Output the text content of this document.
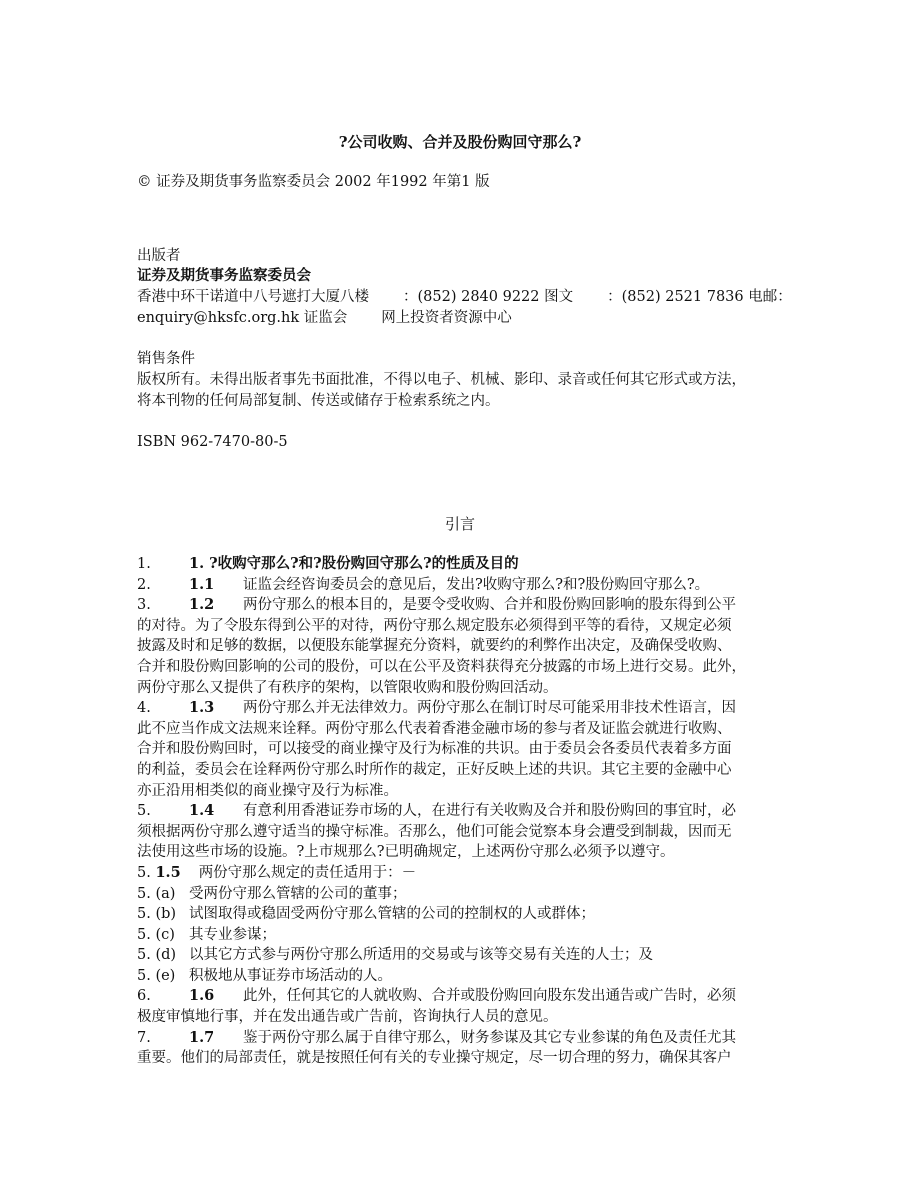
?公司收购、合并及股份购回守那么?
© 证券及期货事务监察委员会 2002 年1992 年第1 版
出版者
证券及期货事务监察委员会
香港中环干诺道中八号遮打大厦八楼 ：(852) 2840 9222 图文 ：(852) 2521 7836 电邮：
enquiry@hksfc.org.hk 证监会 网上投资者资源中心
销售条件
版权所有。未得出版者事先书面批准，不得以电子、机械、影印、录音或任何其它形式或方法，
将本刊物的任何局部复制、传送或储存于检索系统之内。
ISBN 962-7470-80-5
引言
1.	1. ?收购守那么?和?股份购回守那么?的性质及目的
2.	1.1 证监会经咨询委员会的意见后，发出?收购守那么?和?股份购回守那么?。
3.	1.2 两份守那么的根本目的，是要令受收购、合并和股份购回影响的股东得到公平
的对待。为了令股东得到公平的对待，两份守那么规定股东必须得到平等的看待，又规定必须
披露及时和足够的数据，以便股东能掌握充分资料，就要约的利弊作出决定，及确保受收购、
合并和股份购回影响的公司的股份，可以在公平及资料获得充分披露的市场上进行交易。此外，
两份守那么又提供了有秩序的架构，以管限收购和股份购回活动。
4.	1.3 两份守那么并无法律效力。两份守那么在制订时尽可能采用非技术性语言，因
此不应当作成文法规来诠释。两份守那么代表着香港金融市场的参与者及证监会就进行收购、
合并和股份购回时，可以接受的商业操守及行为标准的共识。由于委员会各委员代表着多方面
的利益，委员会在诠释两份守那么时所作的裁定，正好反映上述的共识。其它主要的金融中心
亦正沿用相类似的商业操守及行为标准。
5.	1.4 有意利用香港证券市场的人，在进行有关收购及合并和股份购回的事宜时，必
须根据两份守那么遵守适当的操守标准。否那么，他们可能会觉察本身会遭受到制裁，因而无
法使用这些市场的设施。?上市规那么?已明确规定，上述两份守那么必须予以遵守。
5. 1.5 两份守那么规定的责任适用于：－
5. (a) 受两份守那么管辖的公司的董事；
5. (b) 试图取得或稳固受两份守那么管辖的公司的控制权的人或群体；
5. (c) 其专业参谋；
5. (d) 以其它方式参与两份守那么所适用的交易或与该等交易有关连的人士；及
5. (e) 积极地从事证券市场活动的人。
6.	1.6 此外，任何其它的人就收购、合并或股份购回向股东发出通告或广告时，必须
极度审慎地行事，并在发出通告或广告前，咨询执行人员的意见。
7.	1.7 鉴于两份守那么属于自律守那么，财务参谋及其它专业参谋的角色及责任尤其
重要。他们的局部责任，就是按照任何有关的专业操守规定，尽一切合理的努力，确保其客户
